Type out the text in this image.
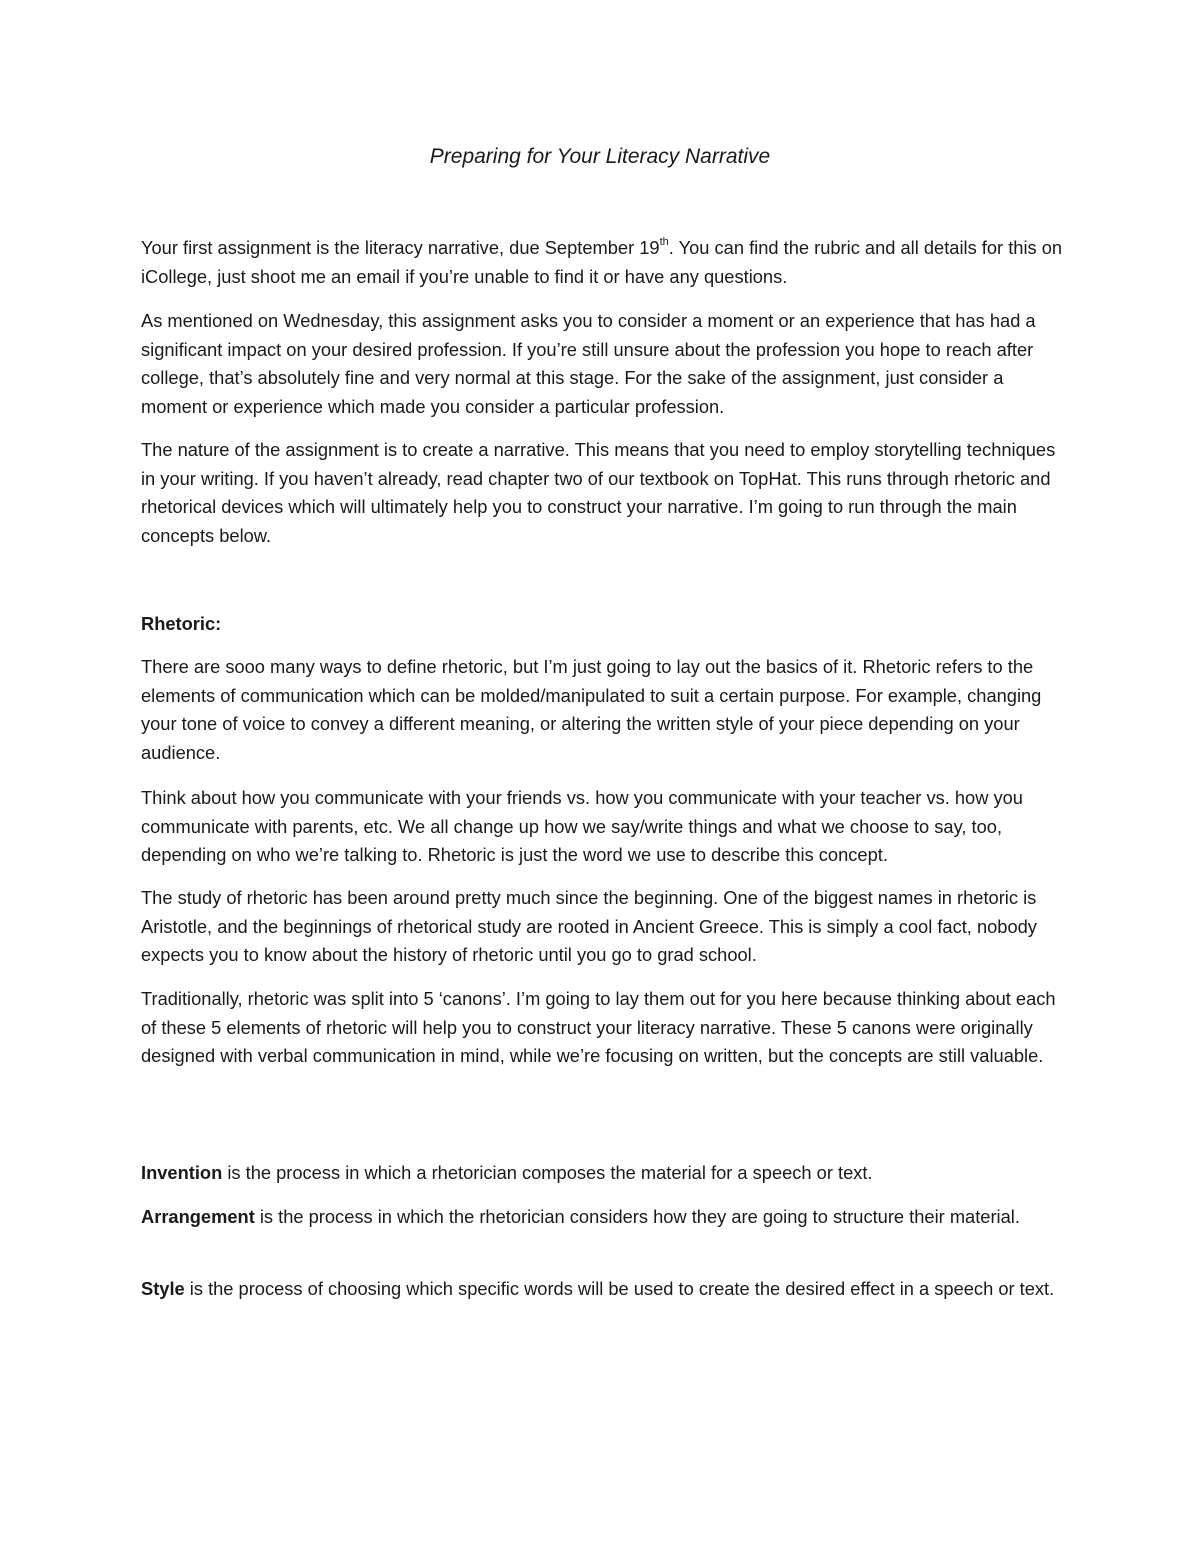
Preparing for Your Literacy Narrative
Your first assignment is the literacy narrative, due September 19th. You can find the rubric and all details for this on iCollege, just shoot me an email if you’re unable to find it or have any questions.
As mentioned on Wednesday, this assignment asks you to consider a moment or an experience that has had a significant impact on your desired profession. If you’re still unsure about the profession you hope to reach after college, that’s absolutely fine and very normal at this stage. For the sake of the assignment, just consider a moment or experience which made you consider a particular profession.
The nature of the assignment is to create a narrative. This means that you need to employ storytelling techniques in your writing. If you haven’t already, read chapter two of our textbook on TopHat. This runs through rhetoric and rhetorical devices which will ultimately help you to construct your narrative. I’m going to run through the main concepts below.
Rhetoric:
There are sooo many ways to define rhetoric, but I’m just going to lay out the basics of it. Rhetoric refers to the elements of communication which can be molded/manipulated to suit a certain purpose. For example, changing your tone of voice to convey a different meaning, or altering the written style of your piece depending on your audience.
Think about how you communicate with your friends vs. how you communicate with your teacher vs. how you communicate with parents, etc. We all change up how we say/write things and what we choose to say, too, depending on who we’re talking to. Rhetoric is just the word we use to describe this concept.
The study of rhetoric has been around pretty much since the beginning. One of the biggest names in rhetoric is Aristotle, and the beginnings of rhetorical study are rooted in Ancient Greece. This is simply a cool fact, nobody expects you to know about the history of rhetoric until you go to grad school.
Traditionally, rhetoric was split into 5 ‘canons’. I’m going to lay them out for you here because thinking about each of these 5 elements of rhetoric will help you to construct your literacy narrative. These 5 canons were originally designed with verbal communication in mind, while we’re focusing on written, but the concepts are still valuable.
Invention is the process in which a rhetorician composes the material for a speech or text.
Arrangement is the process in which the rhetorician considers how they are going to structure their material.
Style is the process of choosing which specific words will be used to create the desired effect in a speech or text.
